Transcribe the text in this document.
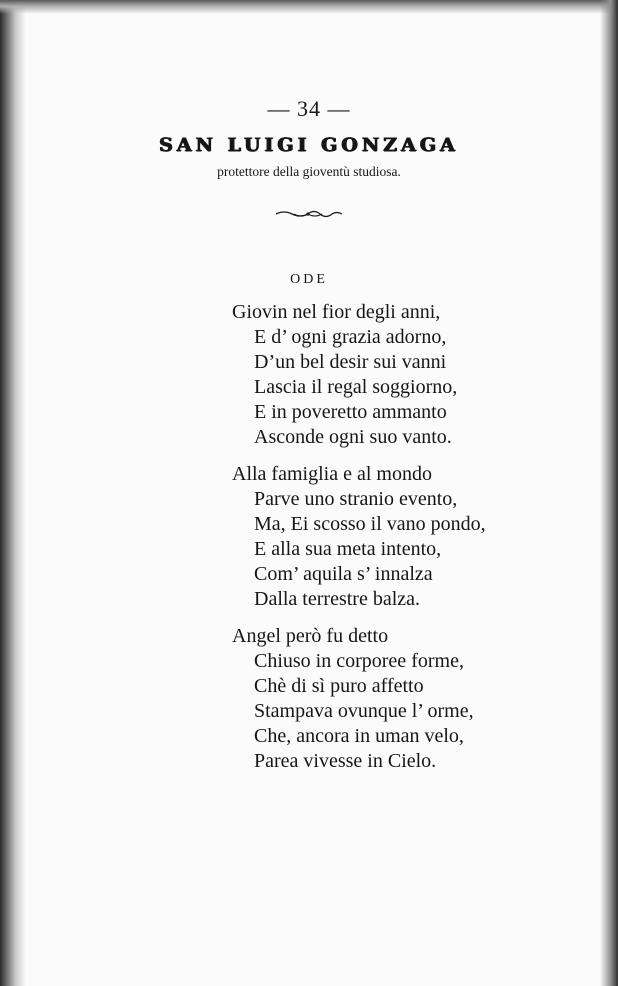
— 34 —
SAN LUIGI GONZAGA
protettore della gioventù studiosa.
ODE
Giovin nel fior degli anni,
E d’ ogni grazia adorno,
D’un bel desir sui vanni
Lascia il regal soggiorno,
E in poveretto ammanto
Asconde ogni suo vanto.
Alla famiglia e al mondo
Parve uno stranio evento,
Ma, Ei scosso il vano pondo,
E alla sua meta intento,
Com’ aquila s’ innalza
Dalla terrestre balza.
Angel però fu detto
Chiuso in corporee forme,
Chè di sì puro affetto
Stampava ovunque l’ orme,
Che, ancora in uman velo,
Parea vivesse in Cielo.
